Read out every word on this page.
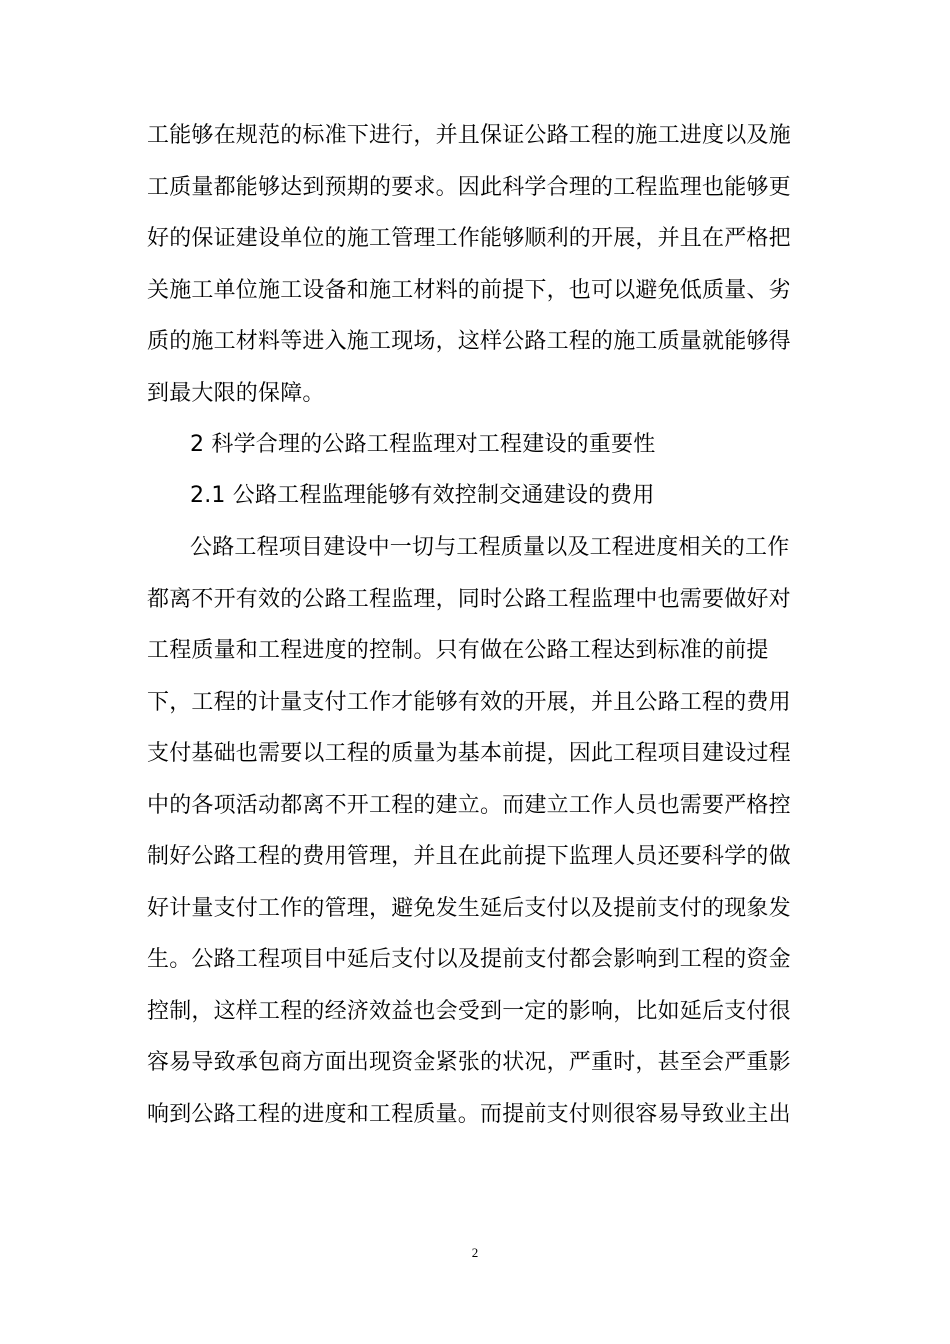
工能够在规范的标准下进行，并且保证公路工程的施工进度以及施
工质量都能够达到预期的要求。因此科学合理的工程监理也能够更
好的保证建设单位的施工管理工作能够顺利的开展，并且在严格把
关施工单位施工设备和施工材料的前提下，也可以避免低质量、劣
质的施工材料等进入施工现场，这样公路工程的施工质量就能够得
到最大限的保障。
2 科学合理的公路工程监理对工程建设的重要性
2.1 公路工程监理能够有效控制交通建设的费用
公路工程项目建设中一切与工程质量以及工程进度相关的工作
都离不开有效的公路工程监理，同时公路工程监理中也需要做好对
工程质量和工程进度的控制。只有做在公路工程达到标准的前提
下，工程的计量支付工作才能够有效的开展，并且公路工程的费用
支付基础也需要以工程的质量为基本前提，因此工程项目建设过程
中的各项活动都离不开工程的建立。而建立工作人员也需要严格控
制好公路工程的费用管理，并且在此前提下监理人员还要科学的做
好计量支付工作的管理，避免发生延后支付以及提前支付的现象发
生。公路工程项目中延后支付以及提前支付都会影响到工程的资金
控制，这样工程的经济效益也会受到一定的影响，比如延后支付很
容易导致承包商方面出现资金紧张的状况，严重时，甚至会严重影
响到公路工程的进度和工程质量。而提前支付则很容易导致业主出
2
